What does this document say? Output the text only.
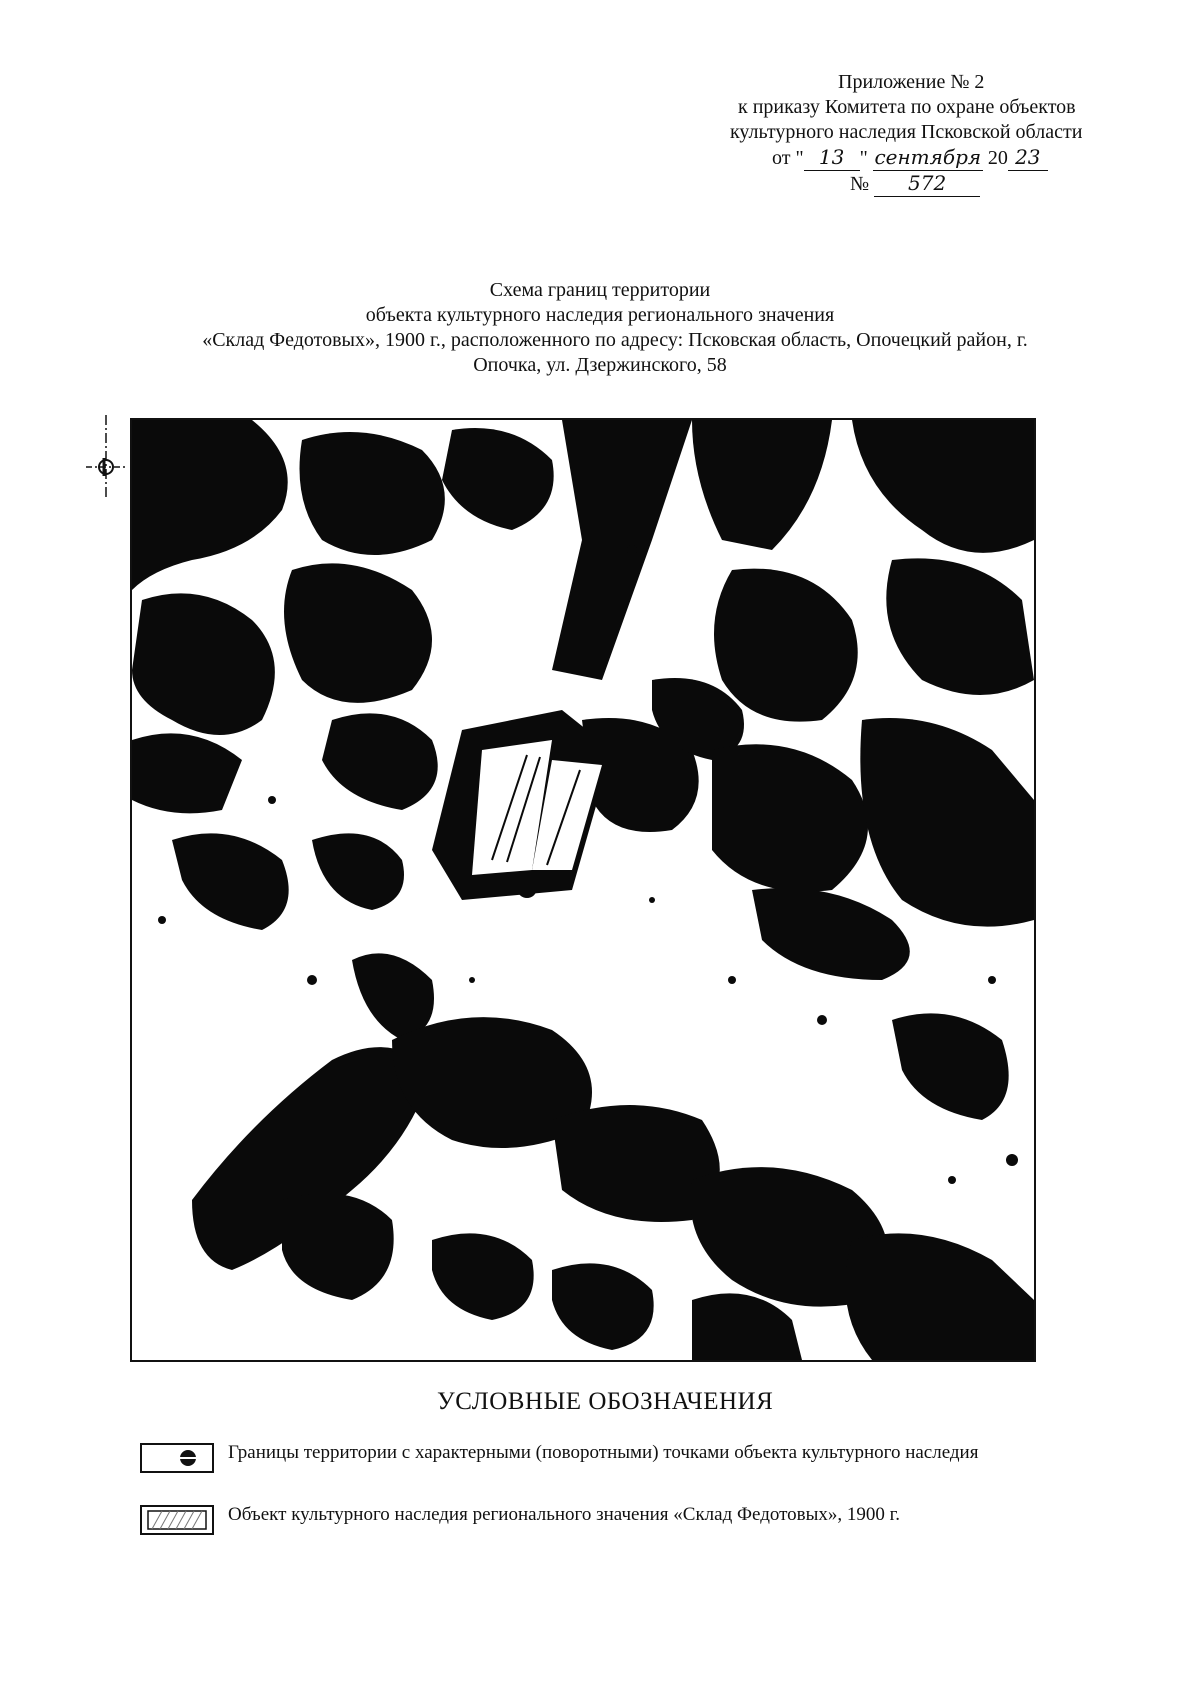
Приложение № 2
к приказу Комитета по охране объектов
культурного наследия Псковской области
от " 13 " сентября 20 23
№ 572
Схема границ территории
объекта культурного наследия регионального значения
«Склад Федотовых», 1900 г., расположенного по адресу: Псковская область, Опочецкий район, г.
Опочка, ул. Дзержинского, 58
УСЛОВНЫЕ ОБОЗНАЧЕНИЯ
Границы территории с характерными (поворотными) точками объекта культурного наследия
Объект культурного наследия регионального значения «Склад Федотовых», 1900 г.
